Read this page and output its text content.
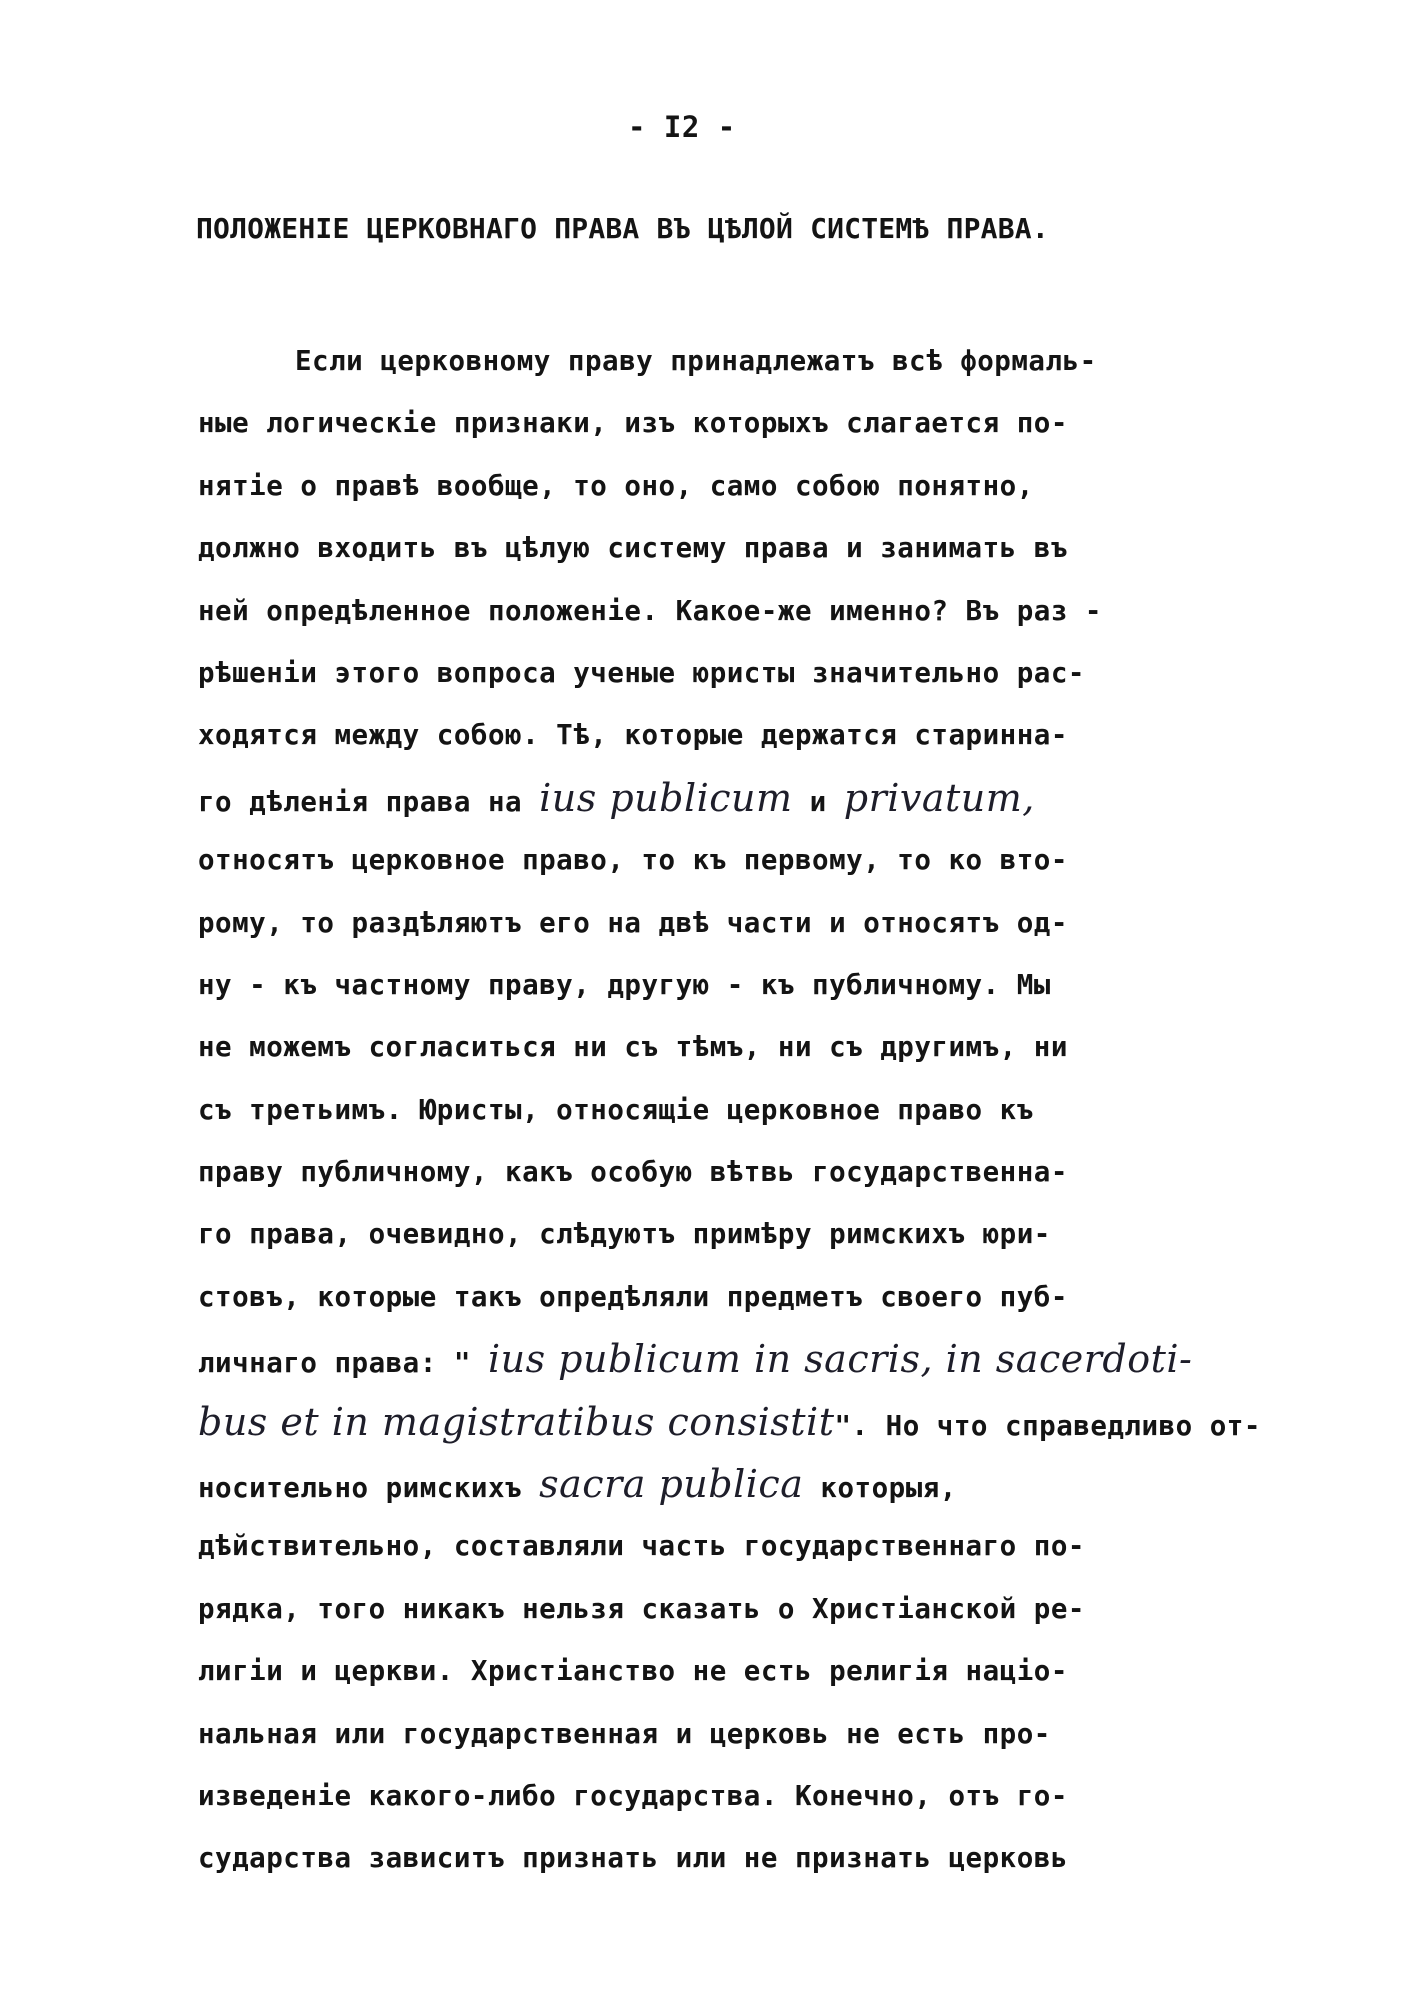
- I2 -
ПОЛОЖЕНIЕ ЦЕРКОВНАГО ПРАВА ВЪ ЦѢЛОЙ СИСТЕМѢ ПРАВА.
Если церковному праву принадлежатъ всѣ формаль-
ные логическiе признаки, изъ которыхъ слагается по-
нятiе о правѣ вообще, то оно, само собою понятно,
должно входить въ цѣлую систему права и занимать въ
ней опредѣленное положенiе. Какое-же именно? Въ раз -
рѣшенiи этого вопроса ученые юристы значительно рас-
ходятся между собою. Тѣ, которые держатся старинна-
го дѣленiя права на ius publicum и privatum,
относятъ церковное право, то къ первому, то ко вто-
рому, то раздѣляютъ его на двѣ части и относятъ од-
ну - къ частному праву, другую - къ публичному. Мы
не можемъ согласиться ни съ тѣмъ, ни съ другимъ, ни
съ третьимъ. Юристы, относящiе церковное право къ
праву публичному, какъ особую вѣтвь государственна-
го права, очевидно, слѣдуютъ примѣру римскихъ юри-
стовъ, которые такъ опредѣляли предметъ своего пуб-
личнаго права: " ius publicum in sacris, in sacerdoti-
bus et in magistratibus consistit". Но что справедливо от-
носительно римскихъ sacra publica которыя,
дѣйствительно, составляли часть государственнаго по-
рядка, того никакъ нельзя сказать о Христiанской ре-
лигiи и церкви. Христiанство не есть религiя нацiо-
нальная или государственная и церковь не есть про-
изведенiе какого-либо государства. Конечно, отъ го-
сударства зависитъ признать или не признать церковь
